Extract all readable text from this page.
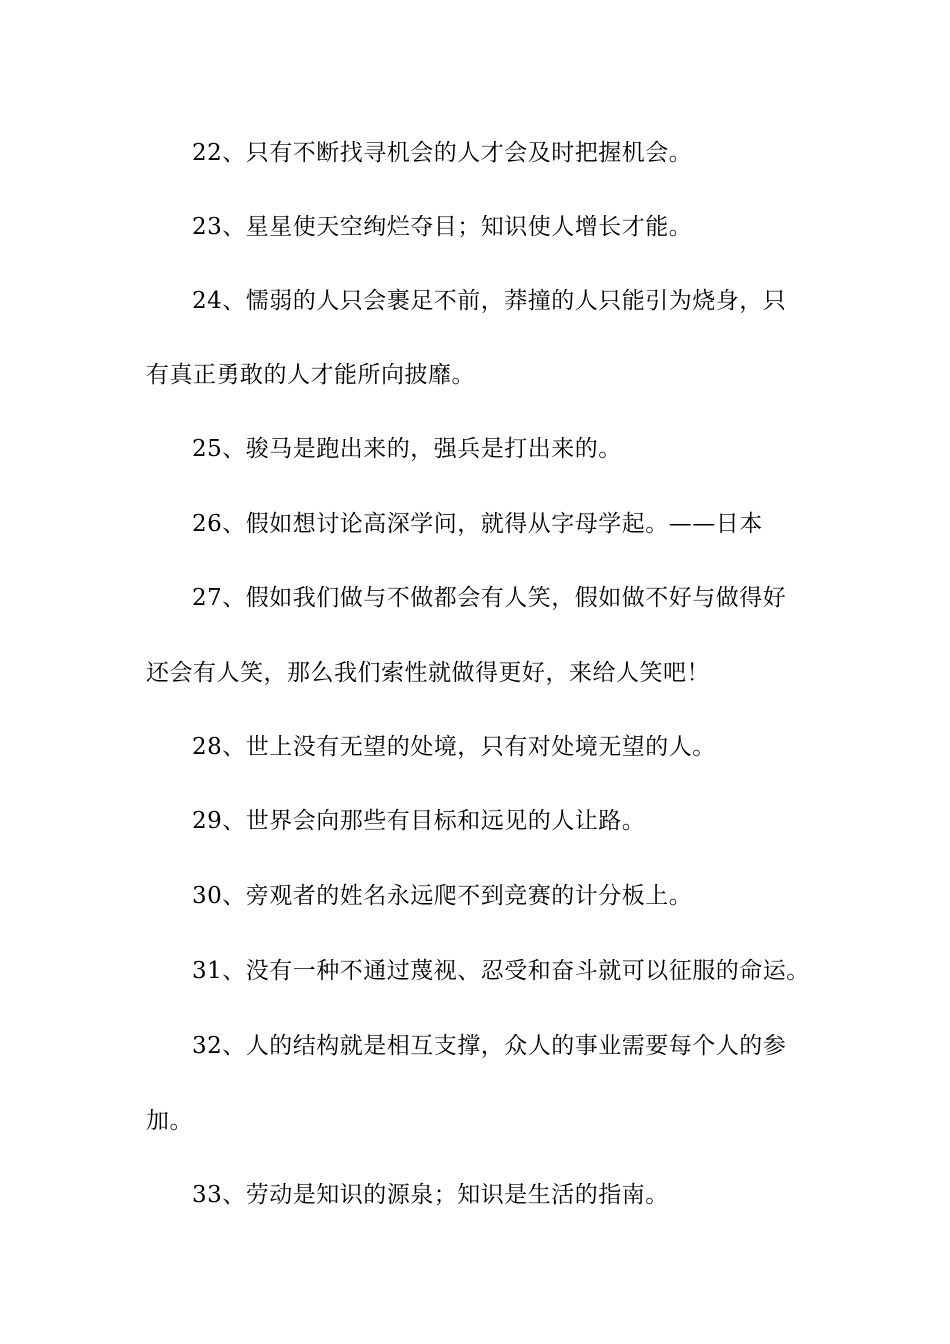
22、只有不断找寻机会的人才会及时把握机会。
23、星星使天空绚烂夺目；知识使人增长才能。
24、懦弱的人只会裹足不前，莽撞的人只能引为烧身，只
有真正勇敢的人才能所向披靡。
25、骏马是跑出来的，强兵是打出来的。
26、假如想讨论高深学问，就得从字母学起。——日本
27、假如我们做与不做都会有人笑，假如做不好与做得好
还会有人笑，那么我们索性就做得更好，来给人笑吧！
28、世上没有无望的处境，只有对处境无望的人。
29、世界会向那些有目标和远见的人让路。
30、旁观者的姓名永远爬不到竞赛的计分板上。
31、没有一种不通过蔑视、忍受和奋斗就可以征服的命运。
32、人的结构就是相互支撑，众人的事业需要每个人的参
加。
33、劳动是知识的源泉；知识是生活的指南。
